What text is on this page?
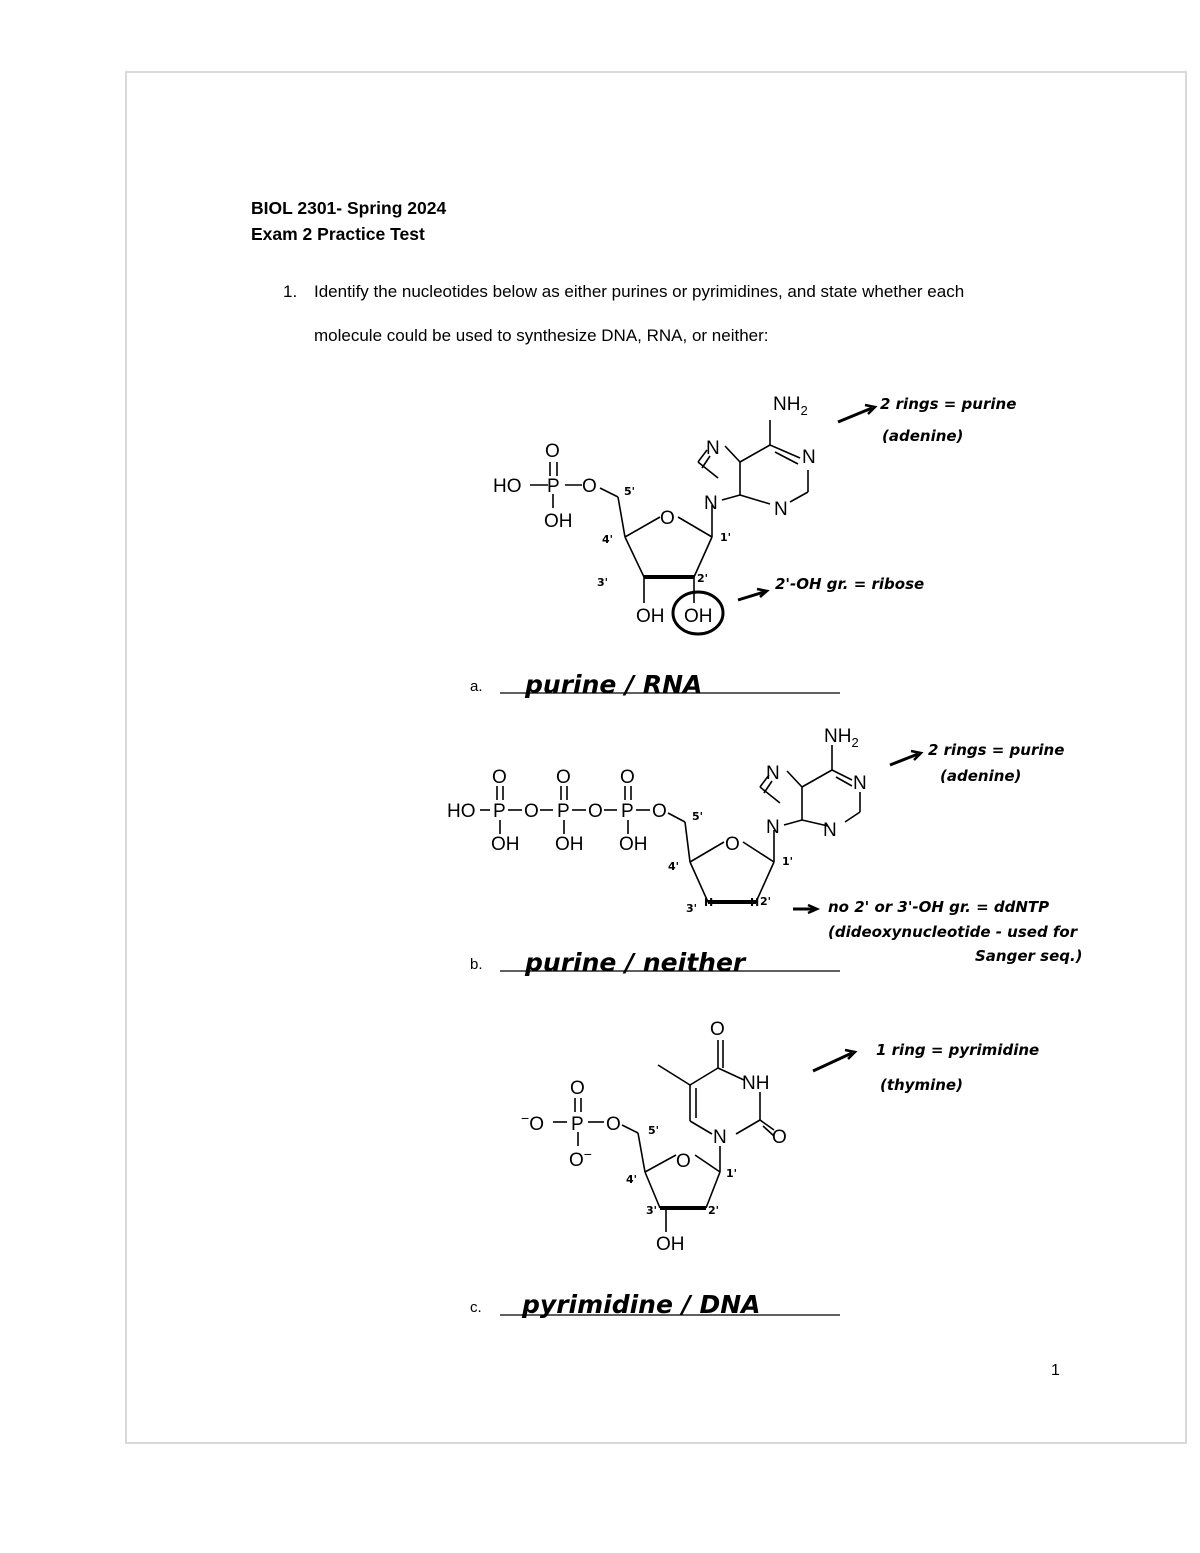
BIOL 2301- Spring 2024
Exam 2 Practice Test
1. Identify the nucleotides below as either purines or pyrimidines, and state whether each
molecule could be used to synthesize DNA, RNA, or neither:
$NH_2$
N	N
N
N
O
HO P O
OH	O
OH OH
5'
4'
3'	2'
1'
2 rings = purine
(adenine)
2'-OH gr. = ribose
a. purine / RNA
$NH_2$
N	N
N
N
HO
O	O	O
P O P O P O
OH OH OH	O
H	H
5'
4'
3'
2'
1'
2 rings = purine
(adenine)
no 2' or 3'-OH gr. = ddNTP
(dideoxynucleotide - used for
Sanger seq.)
b. purine / neither
O
NH
O
N
O
−O P O
O−	O
OH
5'
4'
3'	2'
1'
1 ring = pyrimidine
(thymine)
c. pyrimidine / DNA
1
